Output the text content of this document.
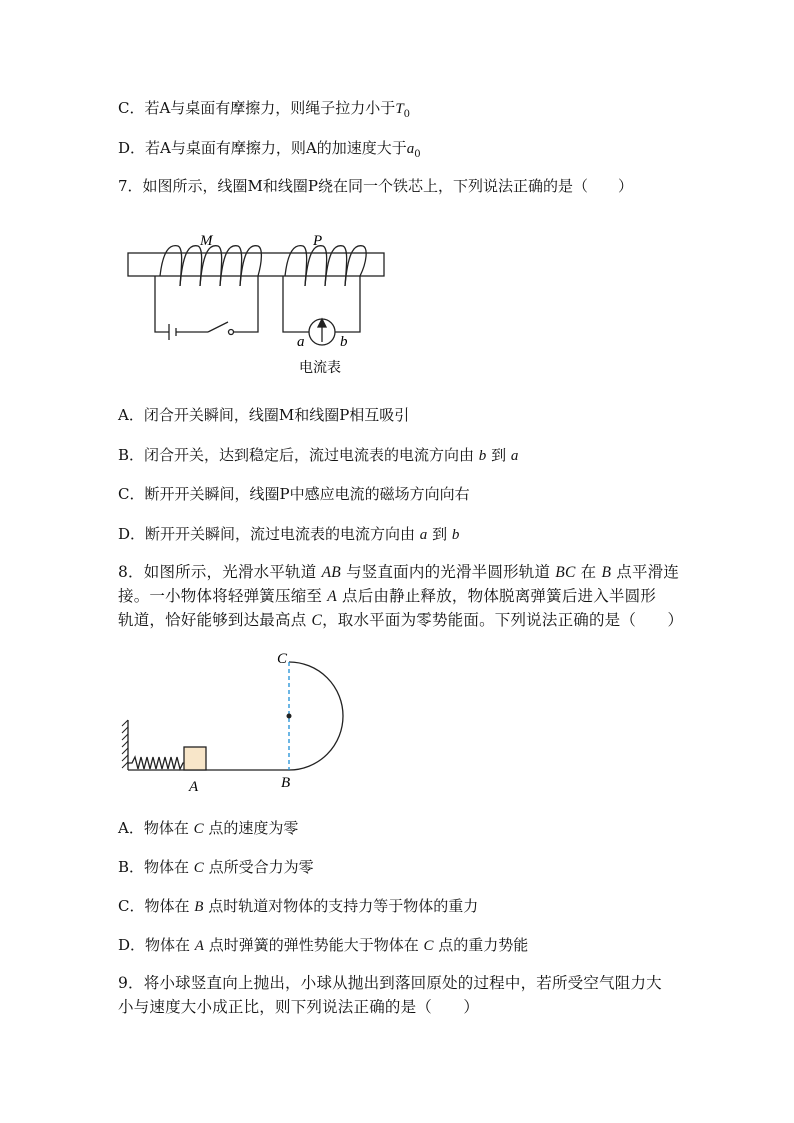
C．若A与桌面有摩擦力，则绳子拉力小于$T_0$
D．若A与桌面有摩擦力，则A的加速度大于$a_0$
7．如图所示，线圈M和线圈P绕在同一个铁芯上，下列说法正确的是（　　）
M	P
a b
电流表
C
A	B
A．闭合开关瞬间，线圈M和线圈P相互吸引
B．闭合开关，达到稳定后，流过电流表的电流方向由 b 到 a
C．断开开关瞬间，线圈P中感应电流的磁场方向向右
D．断开开关瞬间，流过电流表的电流方向由 a 到 b
8．如图所示，光滑水平轨道 AB 与竖直面内的光滑半圆形轨道 BC 在 B 点平滑连
接。一小物体将轻弹簧压缩至 A 点后由静止释放，物体脱离弹簧后进入半圆形
轨道，恰好能够到达最高点 C，取水平面为零势能面。下列说法正确的是（　　）
A．物体在 C 点的速度为零
B．物体在 C 点所受合力为零
C．物体在 B 点时轨道对物体的支持力等于物体的重力
D．物体在 A 点时弹簧的弹性势能大于物体在 C 点的重力势能
9．将小球竖直向上抛出，小球从抛出到落回原处的过程中，若所受空气阻力大
小与速度大小成正比，则下列说法正确的是（　　）
